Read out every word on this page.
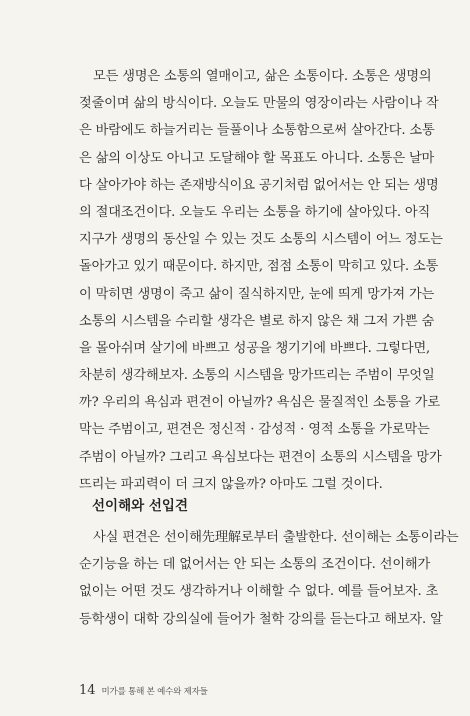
모든 생명은 소통의 열매이고, 삶은 소통이다. 소통은 생명의
젖줄이며 삶의 방식이다. 오늘도 만물의 영장이라는 사람이나 작
은 바람에도 하늘거리는 들풀이나 소통함으로써 살아간다. 소통
은 삶의 이상도 아니고 도달해야 할 목표도 아니다. 소통은 날마
다 살아가야 하는 존재방식이요 공기처럼 없어서는 안 되는 생명
의 절대조건이다. 오늘도 우리는 소통을 하기에 살아있다. 아직
지구가 생명의 동산일 수 있는 것도 소통의 시스템이 어느 정도는
돌아가고 있기 때문이다. 하지만, 점점 소통이 막히고 있다. 소통
이 막히면 생명이 죽고 삶이 질식하지만, 눈에 띄게 망가져 가는
소통의 시스템을 수리할 생각은 별로 하지 않은 채 그저 가쁜 숨
을 몰아쉬며 살기에 바쁘고 성공을 챙기기에 바쁘다. 그렇다면,
차분히 생각해보자. 소통의 시스템을 망가뜨리는 주범이 무엇일
까? 우리의 욕심과 편견이 아닐까? 욕심은 물질적인 소통을 가로
막는 주범이고, 편견은 정신적 · 감성적 · 영적 소통을 가로막는
주범이 아닐까? 그리고 욕심보다는 편견이 소통의 시스템을 망가
뜨리는 파괴력이 더 크지 않을까? 아마도 그럴 것이다.
선이해와 선입견
사실 편견은 선이해先理解로부터 출발한다. 선이해는 소통이라는
순기능을 하는 데 없어서는 안 되는 소통의 조건이다. 선이해가
없이는 어떤 것도 생각하거나 이해할 수 없다. 예를 들어보자. 초
등학생이 대학 강의실에 들어가 철학 강의를 듣는다고 해보자. 알
14 미가를 통해 본 예수와 제자들
